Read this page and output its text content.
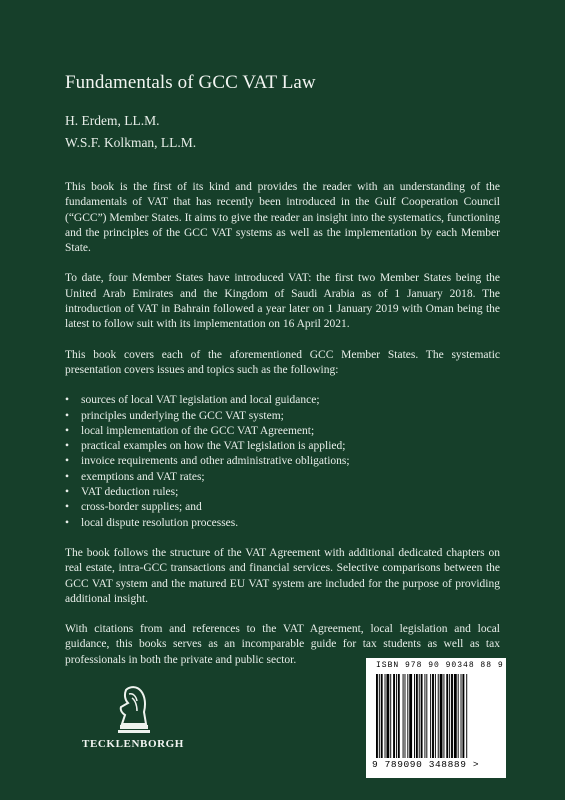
Fundamentals of GCC VAT Law
H. Erdem, LL.M.
W.S.F. Kolkman, LL.M.

This book is the first of its kind and provides the reader with an understanding of the fundamentals of VAT that has recently been introduced in the Gulf Cooperation Council (“GCC”) Member States. It aims to give the reader an insight into the systematics, functioning and the principles of the GCC VAT systems as well as the implementation by each Member State.

To date, four Member States have introduced VAT: the first two Member States being the United Arab Emirates and the Kingdom of Saudi Arabia as of 1 January 2018. The introduction of VAT in Bahrain followed a year later on 1 January 2019 with Oman being the latest to follow suit with its implementation on 16 April 2021.

This book covers each of the aforementioned GCC Member States. The systematic presentation covers issues and topics such as the following:

• sources of local VAT legislation and local guidance;
• principles underlying the GCC VAT system;
• local implementation of the GCC VAT Agreement;
• practical examples on how the VAT legislation is applied;
• invoice requirements and other administrative obligations;
• exemptions and VAT rates;
• VAT deduction rules;
• cross-border supplies; and
• local dispute resolution processes.

The book follows the structure of the VAT Agreement with additional dedicated chapters on real estate, intra-GCC transactions and financial services. Selective comparisons between the GCC VAT system and the matured EU VAT system are included for the purpose of providing additional insight.

With citations from and references to the VAT Agreement, local legislation and local guidance, this books serves as an incomparable guide for tax students as well as tax professionals in both the private and public sector.

TECKLENBORGH
ISBN 978 90 90348 88 9
9 789090 348889 >
